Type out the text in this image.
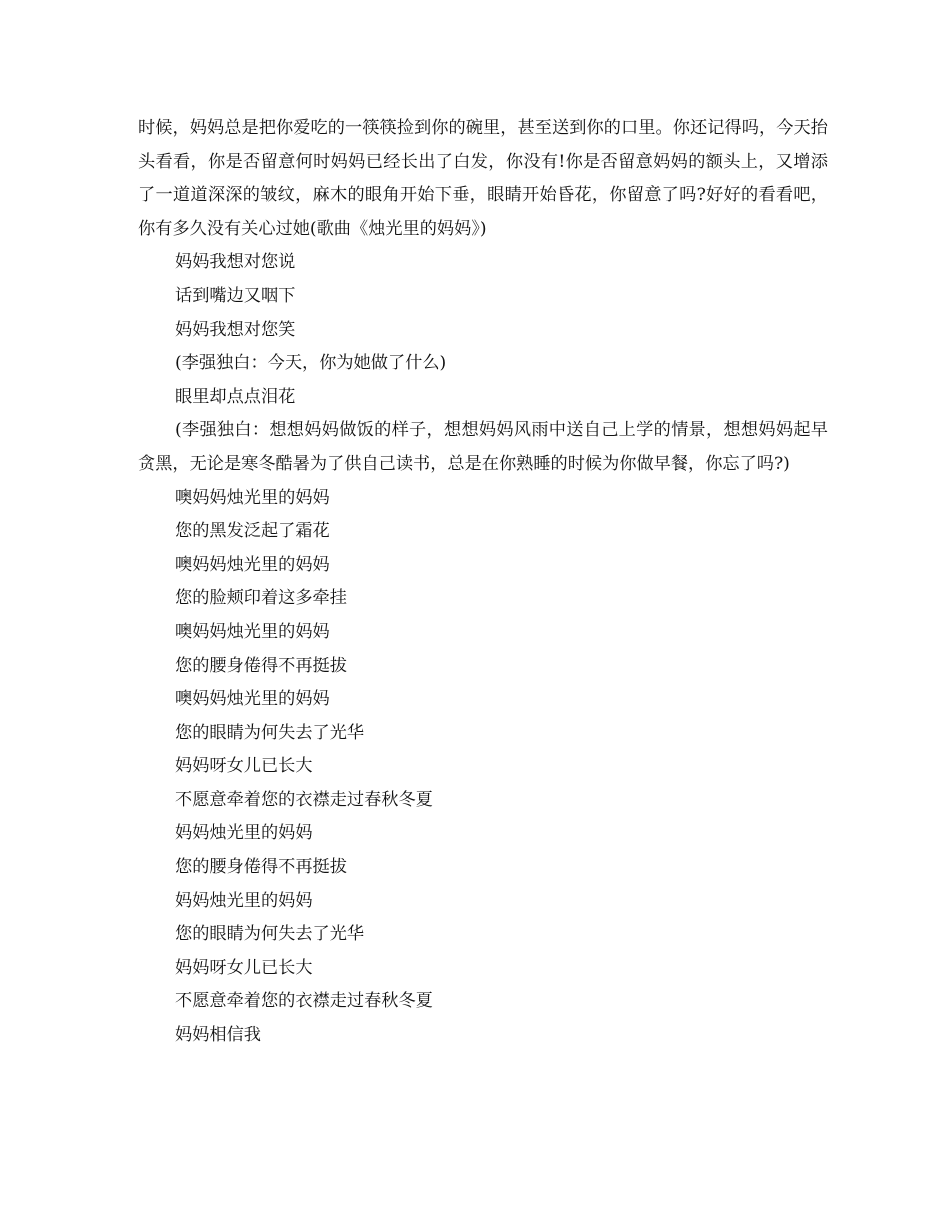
时候，妈妈总是把你爱吃的一筷筷捡到你的碗里，甚至送到你的口里。你还记得吗，今天抬头看看，你是否留意何时妈妈已经长出了白发，你没有!你是否留意妈妈的额头上，又增添了一道道深深的皱纹，麻木的眼角开始下垂，眼睛开始昏花，你留意了吗?好好的看看吧，你有多久没有关心过她(歌曲《烛光里的妈妈》)

妈妈我想对您说

话到嘴边又咽下

妈妈我想对您笑

(李强独白：今天，你为她做了什么)

眼里却点点泪花

(李强独白：想想妈妈做饭的样子，想想妈妈风雨中送自己上学的情景，想想妈妈起早贪黑，无论是寒冬酷暑为了供自己读书，总是在你熟睡的时候为你做早餐，你忘了吗?)

噢妈妈烛光里的妈妈

您的黑发泛起了霜花

噢妈妈烛光里的妈妈

您的脸颊印着这多牵挂

噢妈妈烛光里的妈妈

您的腰身倦得不再挺拔

噢妈妈烛光里的妈妈

您的眼睛为何失去了光华

妈妈呀女儿已长大

不愿意牵着您的衣襟走过春秋冬夏

妈妈烛光里的妈妈

您的腰身倦得不再挺拔

妈妈烛光里的妈妈

您的眼睛为何失去了光华

妈妈呀女儿已长大

不愿意牵着您的衣襟走过春秋冬夏

妈妈相信我
